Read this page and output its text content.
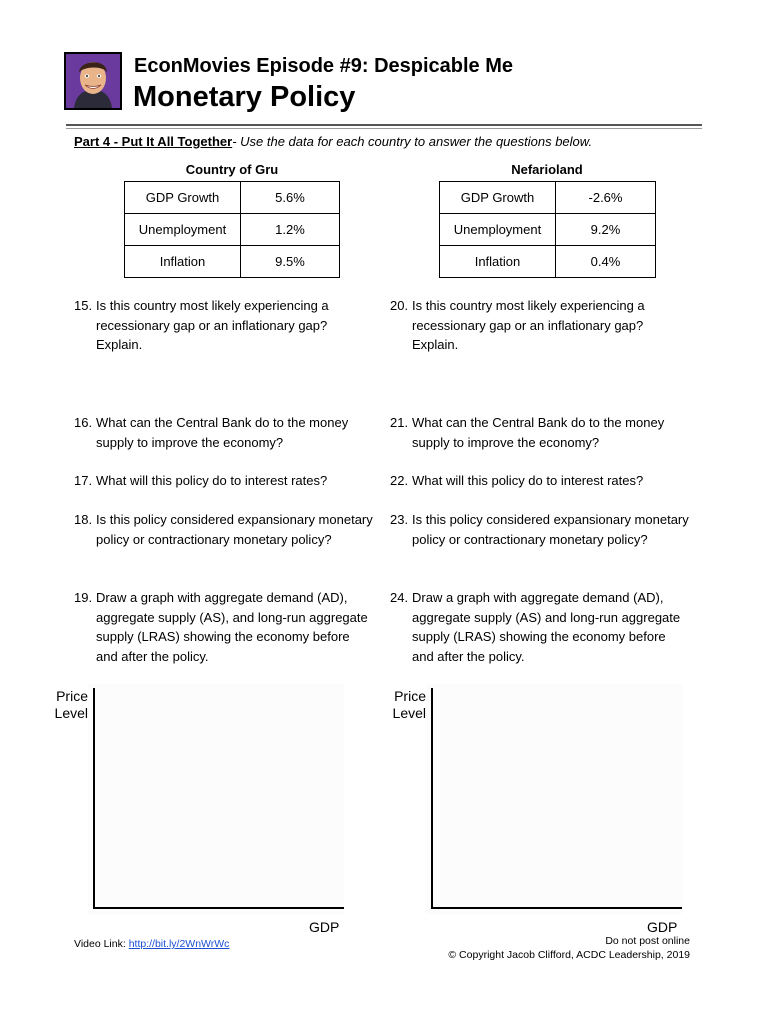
EconMovies Episode #9: Despicable Me
Monetary Policy
Part 4 - Put It All Together- Use the data for each country to answer the questions below.
Country of Gru	Nefarioland
GDP Growth	5.6%
Unemployment	1.2%
Inflation	9.5%
GDP Growth	-2.6%
Unemployment	9.2%
Inflation	0.4%
15. Is this country most likely experiencing a recessionary gap or an inflationary gap? Explain.
16. What can the Central Bank do to the money supply to improve the economy?
17. What will this policy do to interest rates?
18. Is this policy considered expansionary monetary policy or contractionary monetary policy?
19. Draw a graph with aggregate demand (AD), aggregate supply (AS), and long-run aggregate supply (LRAS) showing the economy before and after the policy.
20. Is this country most likely experiencing a recessionary gap or an inflationary gap? Explain.
21. What can the Central Bank do to the money supply to improve the economy?
22. What will this policy do to interest rates?
23. Is this policy considered expansionary monetary policy or contractionary monetary policy?
24. Draw a graph with aggregate demand (AD), aggregate supply (AS) and long-run aggregate supply (LRAS) showing the economy before and after the policy.
Price
Level
GDP
Price
Level
GDP
Video Link: http://bit.ly/2WnWrWc	Do not post online
© Copyright Jacob Clifford, ACDC Leadership, 2019
